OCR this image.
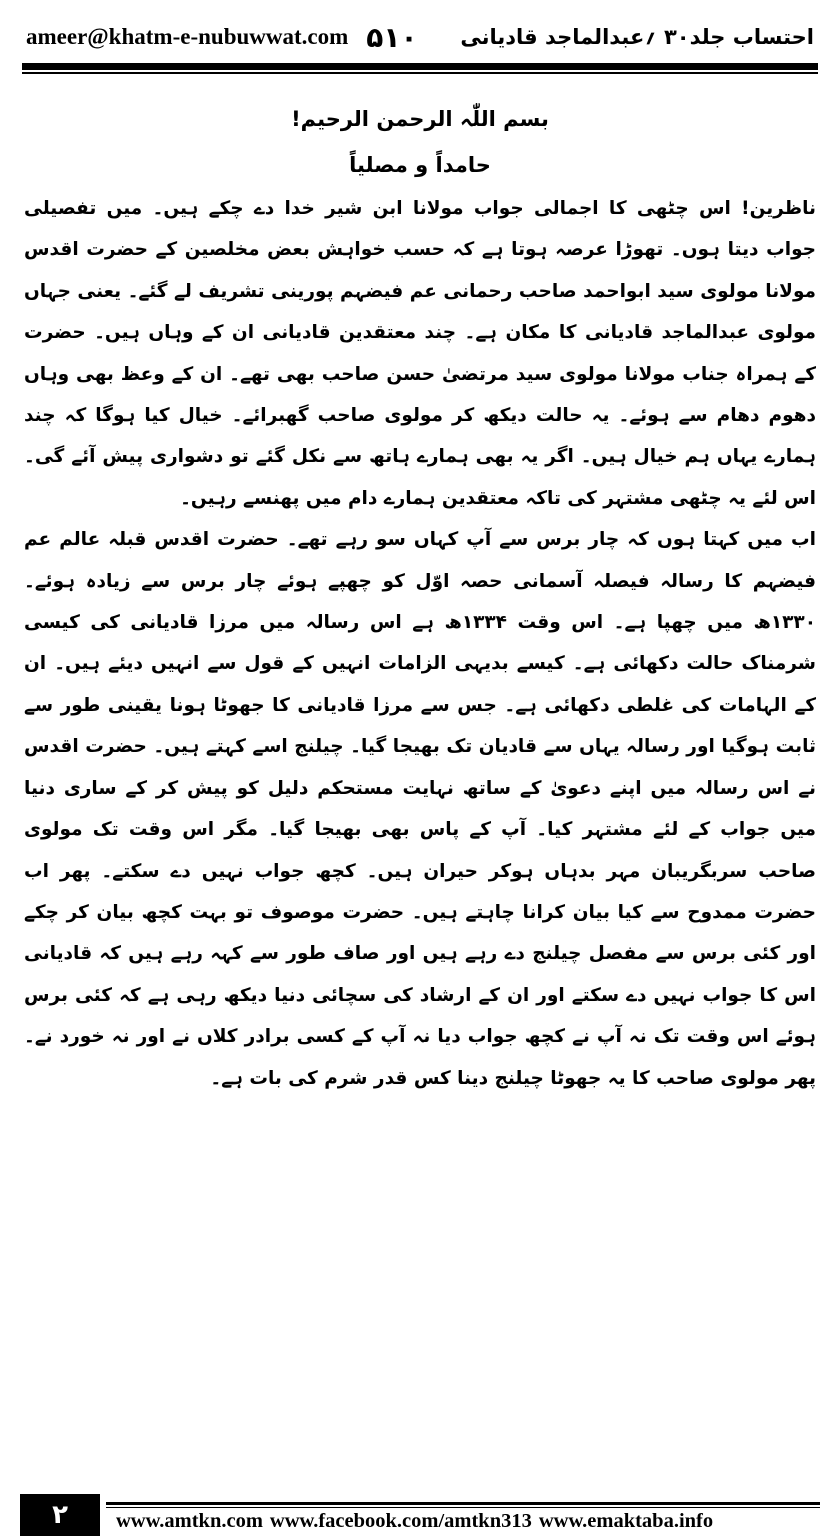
ameer@khatm-e-nubuwwat.com ۵۱۰ احتساب جلد۳۰ ؍عبدالماجد قادیانی
بسم اللّٰہ الرحمن الرحیم!
حامداً و مصلیاً

ناظرین! اس چٹھی کا اجمالی جواب مولانا ابن شیر خدا دے چکے ہیں۔ میں تفصیلی جواب دیتا ہوں۔ تھوڑا عرصہ ہوتا ہے کہ حسب خواہش بعض مخلصین کے حضرت اقدس مولانا مولوی سید ابواحمد صاحب رحمانی عم فیضہم پورینی تشریف لے گئے۔ یعنی جہاں مولوی عبدالماجد قادیانی کا مکان ہے۔ چند معتقدین قادیانی ان کے وہاں ہیں۔ حضرت کے ہمراہ جناب مولانا مولوی سید مرتضیٰ حسن صاحب بھی تھے۔ ان کے وعظ بھی وہاں دھوم دھام سے ہوئے۔ یہ حالت دیکھ کر مولوی صاحب گھبرائے۔ خیال کیا ہوگا کہ چند ہمارے یہاں ہم خیال ہیں۔ اگر یہ بھی ہمارے ہاتھ سے نکل گئے تو دشواری پیش آئے گی۔ اس لئے یہ چٹھی مشتہر کی تاکہ معتقدین ہمارے دام میں پھنسے رہیں۔

اب میں کہتا ہوں کہ چار برس سے آپ کہاں سو رہے تھے۔ حضرت اقدس قبلہ عالم عم فیضہم کا رسالہ فیصلہ آسمانی حصہ اوّل کو چھپے ہوئے چار برس سے زیادہ ہوئے۔ ۱۳۳۰ھ میں چھپا ہے۔ اس وقت ۱۳۳۴ھ ہے اس رسالہ میں مرزا قادیانی کی کیسی شرمناک حالت دکھائی ہے۔ کیسے بدیہی الزامات انہیں کے قول سے انہیں دیئے ہیں۔ ان کے الہامات کی غلطی دکھائی ہے۔ جس سے مرزا قادیانی کا جھوٹا ہونا یقینی طور سے ثابت ہوگیا اور رسالہ یہاں سے قادیان تک بھیجا گیا۔ چیلنج اسے کہتے ہیں۔ حضرت اقدس نے اس رسالہ میں اپنے دعویٰ کے ساتھ نہایت مستحکم دلیل کو پیش کر کے ساری دنیا میں جواب کے لئے مشتہر کیا۔ آپ کے پاس بھی بھیجا گیا۔ مگر اس وقت تک مولوی صاحب سربگریبان مہر بدہاں ہوکر حیران ہیں۔ کچھ جواب نہیں دے سکتے۔ پھر اب حضرت ممدوح سے کیا بیان کرانا چاہتے ہیں۔ حضرت موصوف تو بہت کچھ بیان کر چکے اور کئی برس سے مفصل چیلنج دے رہے ہیں اور صاف طور سے کہہ رہے ہیں کہ قادیانی اس کا جواب نہیں دے سکتے اور ان کے ارشاد کی سچائی دنیا دیکھ رہی ہے کہ کئی برس ہوئے اس وقت تک نہ آپ نے کچھ جواب دیا نہ آپ کے کسی برادر کلاں نے اور نہ خورد نے۔ پھر مولوی صاحب کا یہ جھوٹا چیلنج دینا کس قدر شرم کی بات ہے۔

۲	www.amtkn.com www.facebook.com/amtkn313 www.emaktaba.info
